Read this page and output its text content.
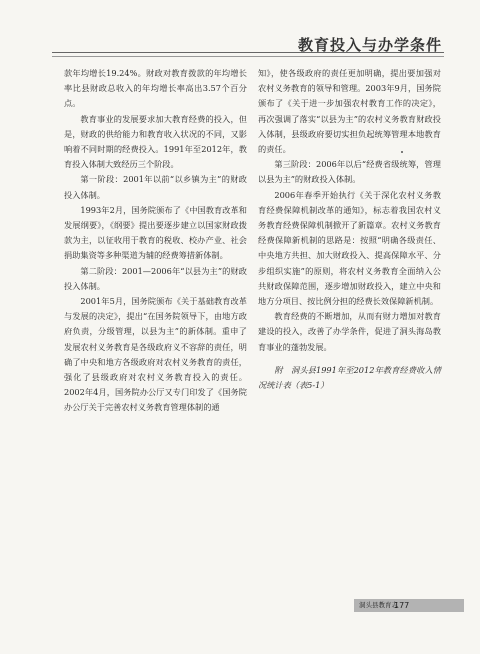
教育投入与办学条件

款年均增长19.24%。财政对教育拨款的年均增长率比县财政总收入的年均增长率高出3.57个百分点。

教育事业的发展要求加大教育经费的投入，但是，财政的供给能力和教育收入状况的不同，又影响着不同时期的经费投入。1991年至2012年，教育投入体制大致经历三个阶段。

第一阶段：2001年以前“以乡镇为主”的财政投入体制。

1993年2月，国务院颁布了《中国教育改革和发展纲要》，《纲要》提出要逐步建立以国家财政拨款为主，以征收用于教育的税收、校办产业、社会捐助集资等多种渠道为辅的经费筹措新体制。

第二阶段：2001—2006年“以县为主”的财政投入体制。

2001年5月，国务院颁布《关于基础教育改革与发展的决定》，提出“在国务院领导下，由地方政府负责，分级管理，以县为主”的新体制。重申了发展农村义务教育是各级政府义不容辞的责任，明确了中央和地方各级政府对农村义务教育的责任，强化了县级政府对农村义务教育投入的责任。2002年4月，国务院办公厅又专门印发了《国务院办公厅关于完善农村义务教育管理体制的通

知》，使各级政府的责任更加明确，提出要加强对农村义务教育的领导和管理。2003年9月，国务院颁布了《关于进一步加强农村教育工作的决定》，再次强调了落实“以县为主”的农村义务教育财政投入体制，县级政府要切实担负起统筹管理本地教育的责任。

第三阶段：2006年以后“经费省级统筹，管理以县为主”的财政投入体制。

2006年春季开始执行《关于深化农村义务教育经费保障机制改革的通知》，标志着我国农村义务教育经费保障机制掀开了新篇章。农村义务教育经费保障新机制的思路是：按照“明确各级责任、中央地方共担、加大财政投入、提高保障水平、分步组织实施”的原则，将农村义务教育全面纳入公共财政保障范围，逐步增加财政投入，建立中央和地方分项目、按比例分担的经费长效保障新机制。

教育经费的不断增加，从而有财力增加对教育建设的投入，改善了办学条件，促进了洞头海岛教育事业的蓬勃发展。

附　洞头县1991年至2012年教育经费收入情况统计表（表5-1）

洞头县教育志
177
